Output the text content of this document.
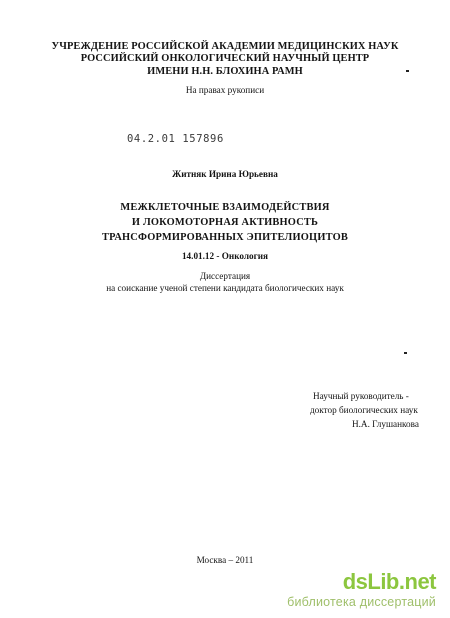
УЧРЕЖДЕНИЕ РОССИЙСКОЙ АКАДЕМИИ МЕДИЦИНСКИХ НАУК
РОССИЙСКИЙ ОНКОЛОГИЧЕСКИЙ НАУЧНЫЙ ЦЕНТР
ИМЕНИ Н.Н. БЛОХИНА РАМН
На правах рукописи
04.2.01 157896
Житняк Ирина Юрьевна
МЕЖКЛЕТОЧНЫЕ ВЗАИМОДЕЙСТВИЯ
И ЛОКОМОТОРНАЯ АКТИВНОСТЬ
ТРАНСФОРМИРОВАННЫХ ЭПИТЕЛИОЦИТОВ
14.01.12 - Онкология
Диссертация
на соискание ученой степени кандидата биологических наук
Научный руководитель -
доктор биологических наук
Н.А. Глушанкова
Москва – 2011
dsLib.net
библиотека диссертаций
